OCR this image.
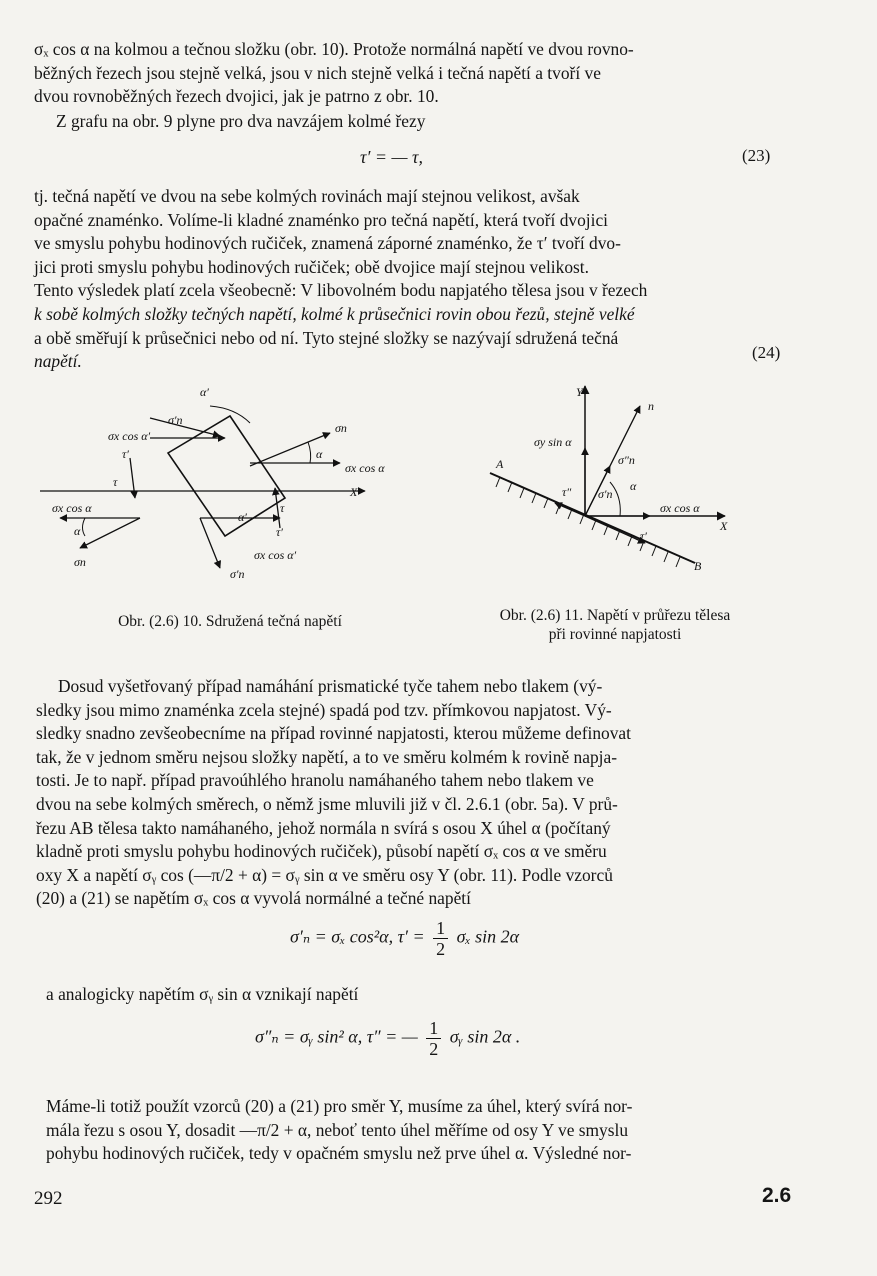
σₓ cos α na kolmou a tečnou složku (obr. 10). Protože normálná napětí ve dvou rovno-
běžných řezech jsou stejně velká, jsou v nich stejně velká i tečná napětí a tvoří ve
dvou rovnoběžných řezech dvojici, jak je patrno z obr. 10.
Z grafu na obr. 9 plyne pro dva navzájem kolmé řezy
τ′ = — τ,	(23)
tj. tečná napětí ve dvou na sebe kolmých rovinách mají stejnou velikost, avšak
opačné znaménko. Volíme-li kladné znaménko pro tečná napětí, která tvoří dvojici
ve smyslu pohybu hodinových ručiček, znamená záporné znaménko, že τ′ tvoří dvo-
jici proti smyslu pohybu hodinových ručiček; obě dvojice mají stejnou velikost.
Tento výsledek platí zcela všeobecně: V libovolném bodu napjatého tělesa jsou v řezech
k sobě kolmých složky tečných napětí, kolmé k průsečnici rovin obou řezů, stejně velké
a obě směřují k průsečnici nebo od ní. Tyto stejné složky se nazývají sdružená tečná
napětí.	(24)
α′
σ′n
σx cos α′
τ′
τ
σn
α
σx cos α
X
σx cos α
α
σn
α′
τ
τ′
σx cos α′
σ′n
Y
n
σy sin α
σ″n
A
τ″	α
σ′n
σx cos α
X
τ′
B
Obr. (2.6) 10. Sdružená tečná napětí	Obr. (2.6) 11. Napětí v průřezu tělesa
při rovinné napjatosti
Dosud vyšetřovaný případ namáhání prismatické tyče tahem nebo tlakem (vý-
sledky jsou mimo znaménka zcela stejné) spadá pod tzv. přímkovou napjatost. Vý-
sledky snadno zevšeobecníme na případ rovinné napjatosti, kterou můžeme definovat
tak, že v jednom směru nejsou složky napětí, a to ve směru kolmém k rovině napja-
tosti. Je to např. případ pravoúhlého hranolu namáhaného tahem nebo tlakem ve
dvou na sebe kolmých směrech, o němž jsme mluvili již v čl. 2.6.1 (obr. 5a). V prů-
řezu AB tělesa takto namáhaného, jehož normála n svírá s osou X úhel α (počítaný
kladně proti smyslu pohybu hodinových ručiček), působí napětí σₓ cos α ve směru
oxy X a napětí σᵧ cos (—π/2 + α) = σᵧ sin α ve směru osy Y (obr. 11). Podle vzorců
(20) a (21) se napětím σₓ cos α vyvolá normálné a tečné napětí
σ′ₙ = σₓ cos²α, $\tau' = \frac{1}{2}$ σₓ sin 2α
a analogicky napětím σᵧ sin α vznikají napětí
σ″ₙ = σᵧ sin² α, τ″ = — $\frac{1}{2}$ σᵧ sin 2α .
Máme-li totiž použít vzorců (20) a (21) pro směr Y, musíme za úhel, který svírá nor-
mála řezu s osou Y, dosadit —π/2 + α, neboť tento úhel měříme od osy Y ve smyslu
pohybu hodinových ručiček, tedy v opačném smyslu než prve úhel α. Výsledné nor-
292	2.6
